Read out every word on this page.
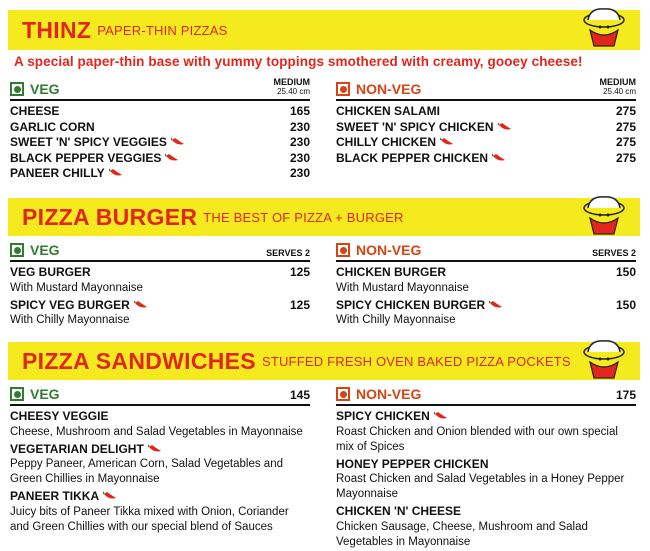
THINZ PAPER-THIN PIZZAS
A special paper-thin base with yummy toppings smothered with creamy, gooey cheese!
VEG	MEDIUM
25.40 cm
CHEESE	165
GARLIC CORN	230
SWEET 'N' SPICY VEGGIES	230
BLACK PEPPER VEGGIES	230
PANEER CHILLY	230
NON-VEG	MEDIUM
25.40 cm
CHICKEN SALAMI	275
SWEET 'N' SPICY CHICKEN	275
CHILLY CHICKEN	275
BLACK PEPPER CHICKEN	275
PIZZA BURGER THE BEST OF PIZZA + BURGER
VEG	SERVES 2
VEG BURGER	125
With Mustard Mayonnaise
SPICY VEG BURGER	125
With Chilly Mayonnaise
NON-VEG	SERVES 2
CHICKEN BURGER	150
With Mustard Mayonnaise
SPICY CHICKEN BURGER	150
With Chilly Mayonnaise
PIZZA SANDWICHES STUFFED FRESH OVEN BAKED PIZZA POCKETS
VEG	145
CHEESY VEGGIE
Cheese, Mushroom and Salad Vegetables in Mayonnaise
VEGETARIAN DELIGHT
Peppy Paneer, American Corn, Salad Vegetables and Green Chillies in Mayonnaise
PANEER TIKKA
Juicy bits of Paneer Tikka mixed with Onion, Coriander and Green Chillies with our special blend of Sauces
NON-VEG	175
SPICY CHICKEN
Roast Chicken and Onion blended with our own special mix of Spices
HONEY PEPPER CHICKEN
Roast Chicken and Salad Vegetables in a Honey Pepper Mayonnaise
CHICKEN 'N' CHEESE
Chicken Sausage, Cheese, Mushroom and Salad Vegetables in Mayonnaise
